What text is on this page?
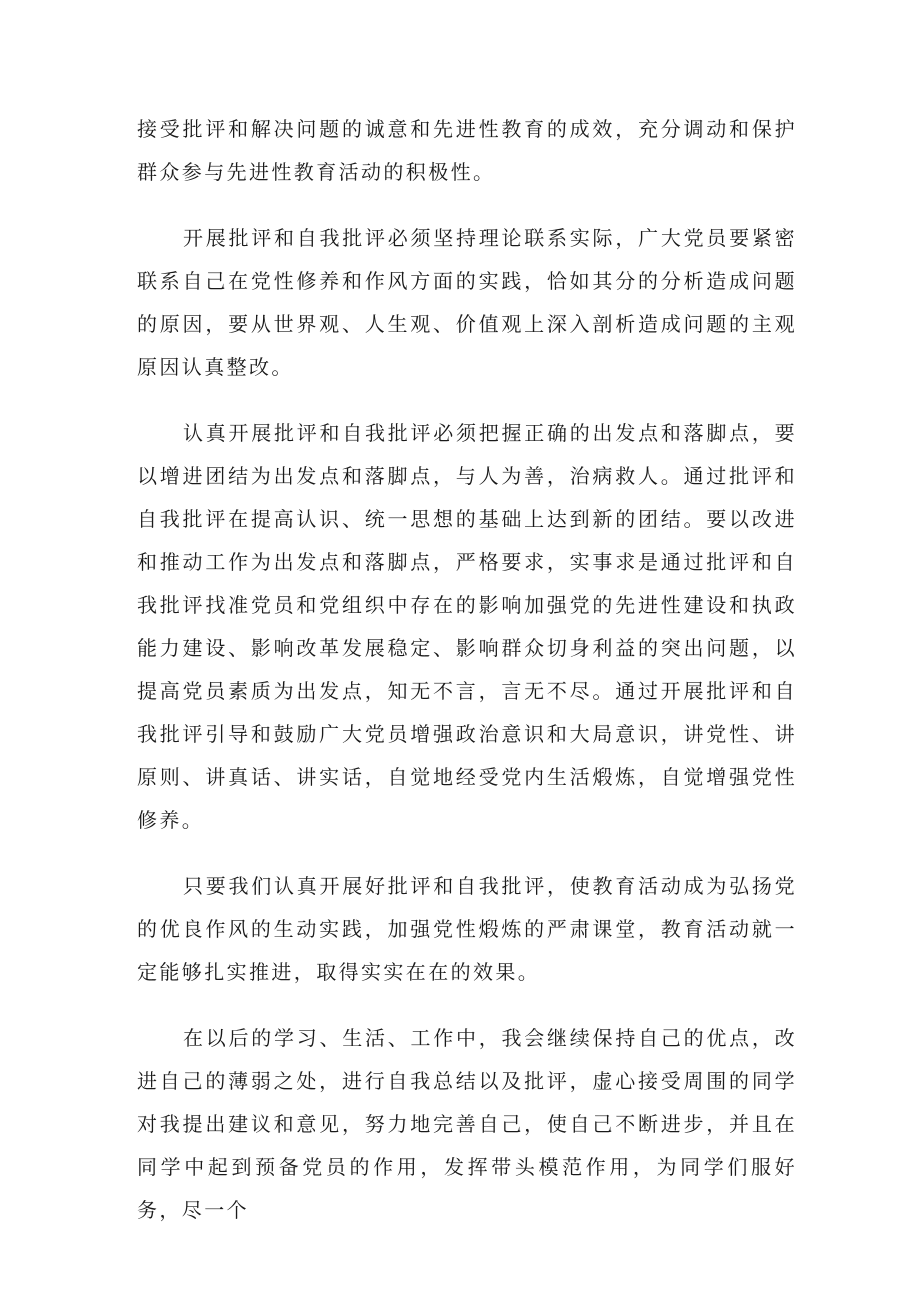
接受批评和解决问题的诚意和先进性教育的成效，充分调动和保护群众参与先进性教育活动的积极性。

开展批评和自我批评必须坚持理论联系实际，广大党员要紧密联系自己在党性修养和作风方面的实践，恰如其分的分析造成问题的原因，要从世界观、人生观、价值观上深入剖析造成问题的主观原因认真整改。

认真开展批评和自我批评必须把握正确的出发点和落脚点，要以增进团结为出发点和落脚点，与人为善，治病救人。通过批评和自我批评在提高认识、统一思想的基础上达到新的团结。要以改进和推动工作为出发点和落脚点，严格要求，实事求是通过批评和自我批评找准党员和党组织中存在的影响加强党的先进性建设和执政能力建设、影响改革发展稳定、影响群众切身利益的突出问题，以提高党员素质为出发点，知无不言，言无不尽。通过开展批评和自我批评引导和鼓励广大党员增强政治意识和大局意识，讲党性、讲原则、讲真话、讲实话，自觉地经受党内生活煅炼，自觉增强党性修养。

只要我们认真开展好批评和自我批评，使教育活动成为弘扬党的优良作风的生动实践，加强党性煅炼的严肃课堂，教育活动就一定能够扎实推进，取得实实在在的效果。

在以后的学习、生活、工作中，我会继续保持自己的优点，改进自己的薄弱之处，进行自我总结以及批评，虚心接受周围的同学对我提出建议和意见，努力地完善自己，使自己不断进步，并且在同学中起到预备党员的作用，发挥带头模范作用，为同学们服好务，尽一个
